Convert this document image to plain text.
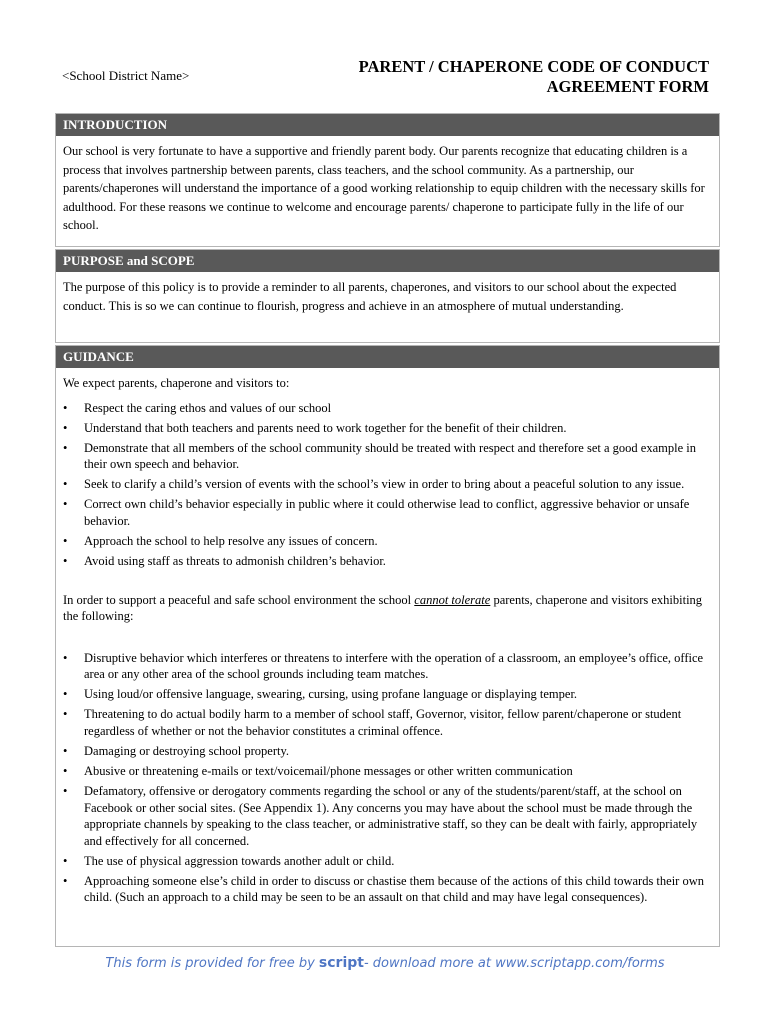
<School District Name>	PARENT / CHAPERONE CODE OF CONDUCT
AGREEMENT FORM
INTRODUCTION
Our school is very fortunate to have a supportive and friendly parent body. Our parents recognize that educating children is a process that involves partnership between parents, class teachers, and the school community. As a partnership, our parents/chaperones will understand the importance of a good working relationship to equip children with the necessary skills for adulthood. For these reasons we continue to welcome and encourage parents/ chaperone to participate fully in the life of our school.
PURPOSE and SCOPE
The purpose of this policy is to provide a reminder to all parents, chaperones, and visitors to our school about the expected conduct. This is so we can continue to flourish, progress and achieve in an atmosphere of mutual understanding.
GUIDANCE
We expect parents, chaperone and visitors to:
• Respect the caring ethos and values of our school
• Understand that both teachers and parents need to work together for the benefit of their children.
• Demonstrate that all members of the school community should be treated with respect and therefore set a good example in their own speech and behavior.
• Seek to clarify a child’s version of events with the school’s view in order to bring about a peaceful solution to any issue.
• Correct own child’s behavior especially in public where it could otherwise lead to conflict, aggressive behavior or unsafe behavior.
• Approach the school to help resolve any issues of concern.
• Avoid using staff as threats to admonish children’s behavior.
In order to support a peaceful and safe school environment the school cannot tolerate parents, chaperone and visitors exhibiting the following:
• Disruptive behavior which interferes or threatens to interfere with the operation of a classroom, an employee’s office, office area or any other area of the school grounds including team matches.
• Using loud/or offensive language, swearing, cursing, using profane language or displaying temper.
• Threatening to do actual bodily harm to a member of school staff, Governor, visitor, fellow parent/chaperone or student regardless of whether or not the behavior constitutes a criminal offence.
• Damaging or destroying school property.
• Abusive or threatening e-mails or text/voicemail/phone messages or other written communication
• Defamatory, offensive or derogatory comments regarding the school or any of the students/parent/staff, at the school on Facebook or other social sites. (See Appendix 1). Any concerns you may have about the school must be made through the appropriate channels by speaking to the class teacher, or administrative staff, so they can be dealt with fairly, appropriately and effectively for all concerned.
• The use of physical aggression towards another adult or child.
• Approaching someone else’s child in order to discuss or chastise them because of the actions of this child towards their own child. (Such an approach to a child may be seen to be an assault on that child and may have legal consequences).
This form is provided for free by script- download more at www.scriptapp.com/forms
